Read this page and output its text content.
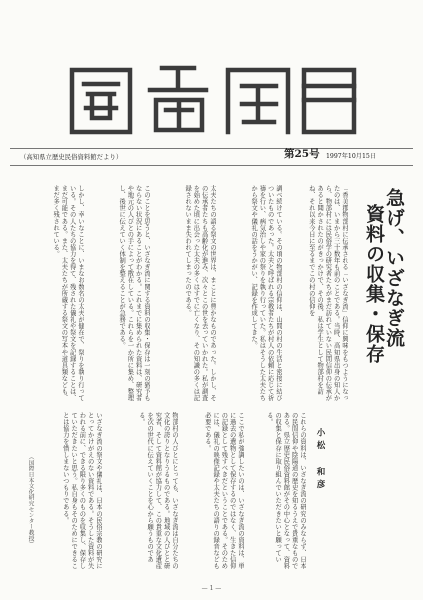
岡豊風日
（高知県立歴史民俗資料館だより）	第25号 1997年10月15日
急げ、いざなぎ流
資料の収集・保存
「香美郡物部村に伝承される「いざなぎ流」信仰に興味をもつようになったのは、いまから三十数年も前のことである。当時、高知県出身の知人から、物部村には民俗学の研究者たちがまだ訪れていない民間信仰の伝承があると聞かされたのがきっかけで、その後、私は学生として物部村を訪ね、それ以来今日に至るまでこの村の信仰を
調べ続けている。その頃の物部村の信仰は、山間の村の生活と密接に結びついたものであった。太夫と呼ばれる宗教者たちが村人の依頼に応じて祈禱を行い、病気治しや家の祭りを執り行っていた。私はそうした太夫たちから祭文や儀礼の話をうかがい、記録を作成してきた。
太夫たちの語る祭文の世界は、まことに豊かなものであった。しかし、その伝承者たちも高齢化が進み、次々とこの世を去っていかれた。私が調査を始めた頃に出会った太夫の多くはすでに亡くなり、その知識の多くは記録されないまま失われてしまったのである。
このことを思うと、いざなぎ流に関する資料の収集・保存は一刻の猶予もならない状況にあることがわかる。これまでに集められた資料は、研究者や地元の人びとの手によって散在している。これらを一か所に集め、整理し、後世に伝えていく体制を整えることが急務である。
しかし、幸いなことに、いまなお数名の太夫が健在で、祭りを執り行っている。その人たちの協力を得て、残された儀礼や祭文を記録することは、まだ可能である。また、太夫たちが所蔵する祭文の写本や道具類なども、まだ多く残されている。
小松 和彦
これらの資料は、いざなぎ流の研究のみならず、日本の民間信仰や陰陽道の歴史を知るうえで貴重なものである。県立歴史民俗資料館がその中心となって、資料の収集と保存に取り組んでいただきたいと願っている。
ここで私が強調したいのは、いざなぎ流の資料は、単に過去の遺物として保存するのではなく、生きた信仰の記録として残すべきだということである。そのためには、儀礼の映像記録や太夫たちの語りの録音なども必要である。
物部村の人びとにとっても、いざなぎ流は自分たちの文化の誇りとなりうるものである。地域の人びとと研究者、そして資料館が協力して、この貴重な文化遺産を次の世代に伝えていくことを心から願うものである。
いざなぎ流の祭文や儀礼は、日本の民俗宗教の研究にとってかけがえのない資料である。そうした資料が失われる前に、できる限り多くのものを収集し、保存していただきたいと思う。私自身もそのためにできることは協力を惜しまないつもりである。
（国際日本文化研究センター教授）
— 1 —
